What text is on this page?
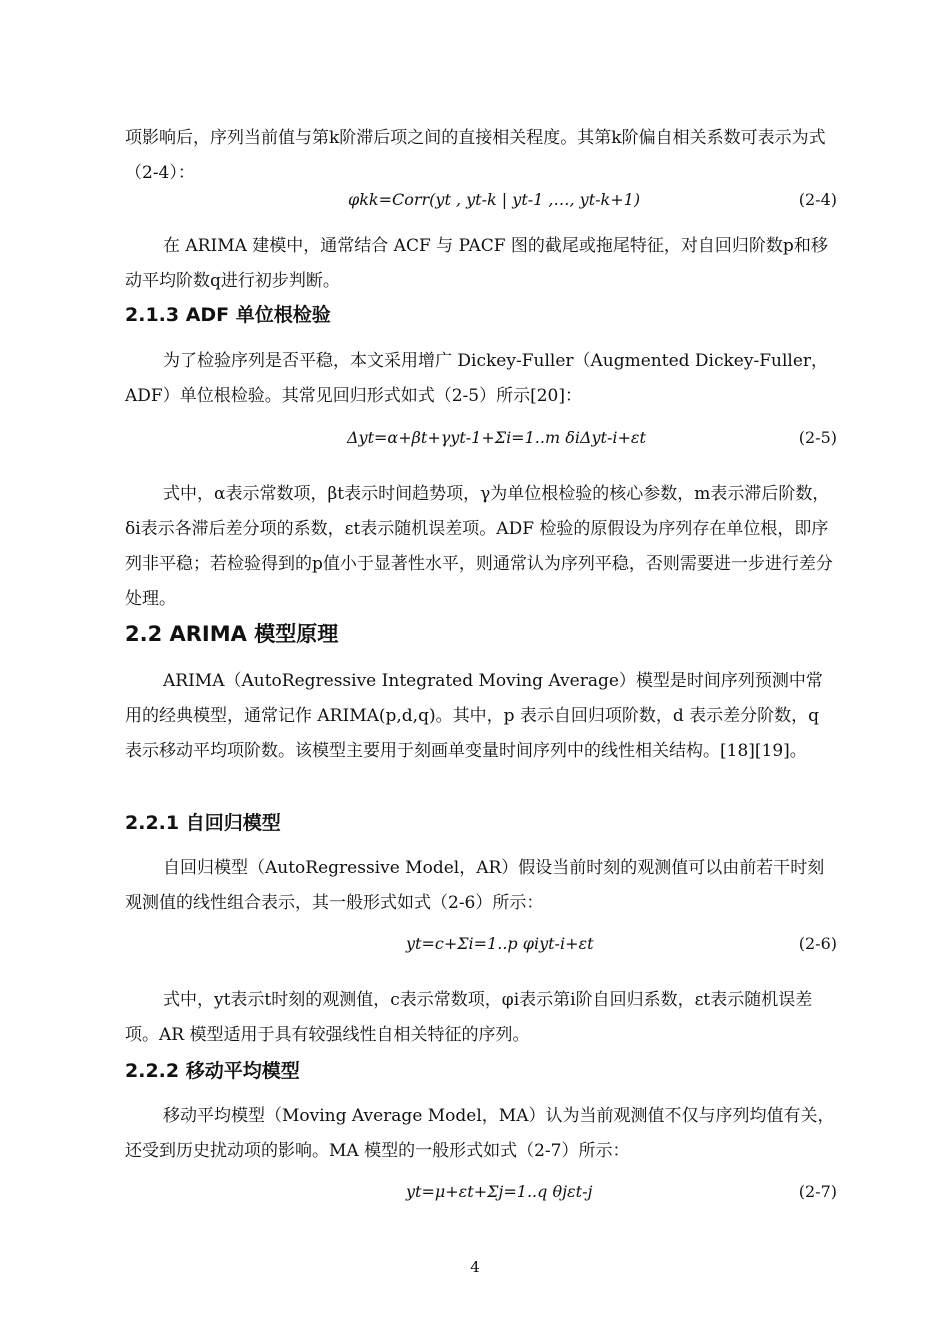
项影响后，序列当前值与第k阶滞后项之间的直接相关程度。其第k阶偏自相关系数可表示为式（2-4）：
φkk=Corr(yt , yt-k | yt-1 ,…, yt-k+1)	(2-4)
在 ARIMA 建模中，通常结合 ACF 与 PACF 图的截尾或拖尾特征，对自回归阶数p和移动平均阶数q进行初步判断。
2.1.3 ADF 单位根检验
为了检验序列是否平稳，本文采用增广 Dickey-Fuller（Augmented Dickey-Fuller，ADF）单位根检验。其常见回归形式如式（2-5）所示[20]：
Δyt=α+βt+γyt-1+Σi=1..m δiΔyt-i+εt	(2-5)
式中，α表示常数项，βt表示时间趋势项，γ为单位根检验的核心参数，m表示滞后阶数，δi表示各滞后差分项的系数，εt表示随机误差项。ADF 检验的原假设为序列存在单位根，即序列非平稳；若检验得到的p值小于显著性水平，则通常认为序列平稳，否则需要进一步进行差分处理。
2.2 ARIMA 模型原理
ARIMA（AutoRegressive Integrated Moving Average）模型是时间序列预测中常用的经典模型，通常记作 ARIMA(p,d,q)。其中，p 表示自回归项阶数，d 表示差分阶数，q 表示移动平均项阶数。该模型主要用于刻画单变量时间序列中的线性相关结构。[18][19]。
2.2.1 自回归模型
自回归模型（AutoRegressive Model，AR）假设当前时刻的观测值可以由前若干时刻观测值的线性组合表示，其一般形式如式（2-6）所示：
yt=c+Σi=1..p φiyt-i+εt	(2-6)
式中，yt表示t时刻的观测值，c表示常数项，φi表示第i阶自回归系数，εt表示随机误差项。AR 模型适用于具有较强线性自相关特征的序列。
2.2.2 移动平均模型
移动平均模型（Moving Average Model，MA）认为当前观测值不仅与序列均值有关，还受到历史扰动项的影响。MA 模型的一般形式如式（2-7）所示：
yt=μ+εt+Σj=1..q θjεt-j	(2-7)
4
